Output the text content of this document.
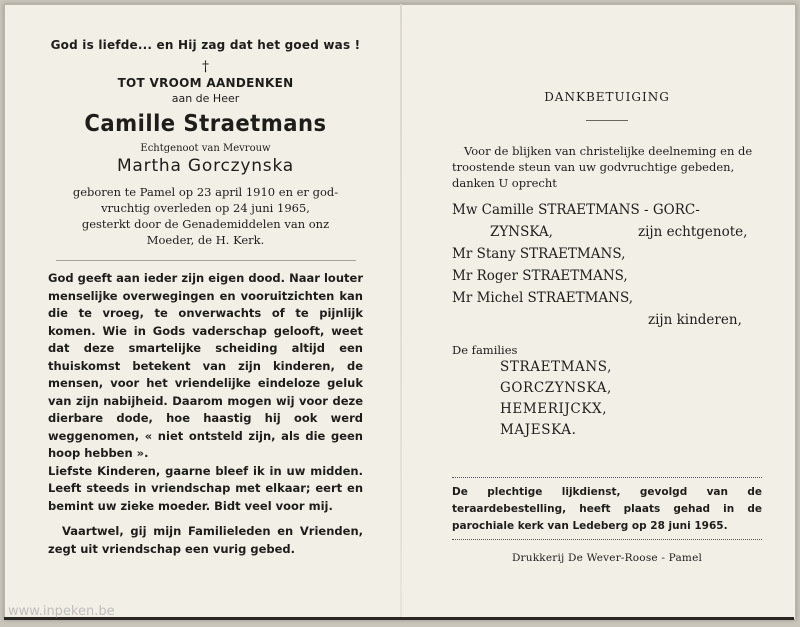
God is liefde... en Hij zag dat het goed was !
†
TOT VROOM AANDENKEN
aan de Heer
Camille Straetmans
Echtgenoot van Mevrouw
Martha Gorczynska
geboren te Pamel op 23 april 1910 en er god-
vruchtig overleden op 24 juni 1965,
gesterkt door de Genademiddelen van onz
Moeder, de H. Kerk.

God geeft aan ieder zijn eigen dood. Naar louter menselijke overwegingen en vooruitzichten kan die te vroeg, te onverwachts of te pijnlijk komen. Wie in Gods vaderschap gelooft, weet dat deze smartelijke scheiding altijd een thuiskomst betekent van zijn kinderen, de mensen, voor het vriendelijke eindeloze geluk van zijn nabijheid. Daarom mogen wij voor deze dierbare dode, hoe haastig hij ook werd weggenomen, « niet ontsteld zijn, als die geen hoop hebben ».

Liefste Kinderen, gaarne bleef ik in uw midden. Leeft steeds in vriendschap met elkaar; eert en bemint uw zieke moeder. Bidt veel voor mij.

Vaartwel, gij mijn Familieleden en Vrienden, zegt uit vriendschap een vurig gebed.
DANKBETUIGING
Voor de blijken van christelijke deelneming en de troostende steun van uw godvruchtige gebeden, danken U oprecht
Mw Camille STRAETMANS - GORC-
ZYNSKA,	zijn echtgenote,
Mr Stany STRAETMANS,
Mr Roger STRAETMANS,
Mr Michel STRAETMANS,
zijn kinderen,
De families
STRAETMANS,
GORCZYNSKA,
HEMERIJCKX,
MAJESKA.
De plechtige lijkdienst, gevolgd van de teraardebestelling, heeft plaats gehad in de parochiale kerk van Ledeberg op 28 juni 1965.
Drukkerij De Wever-Roose - Pamel
www.inpeken.be
